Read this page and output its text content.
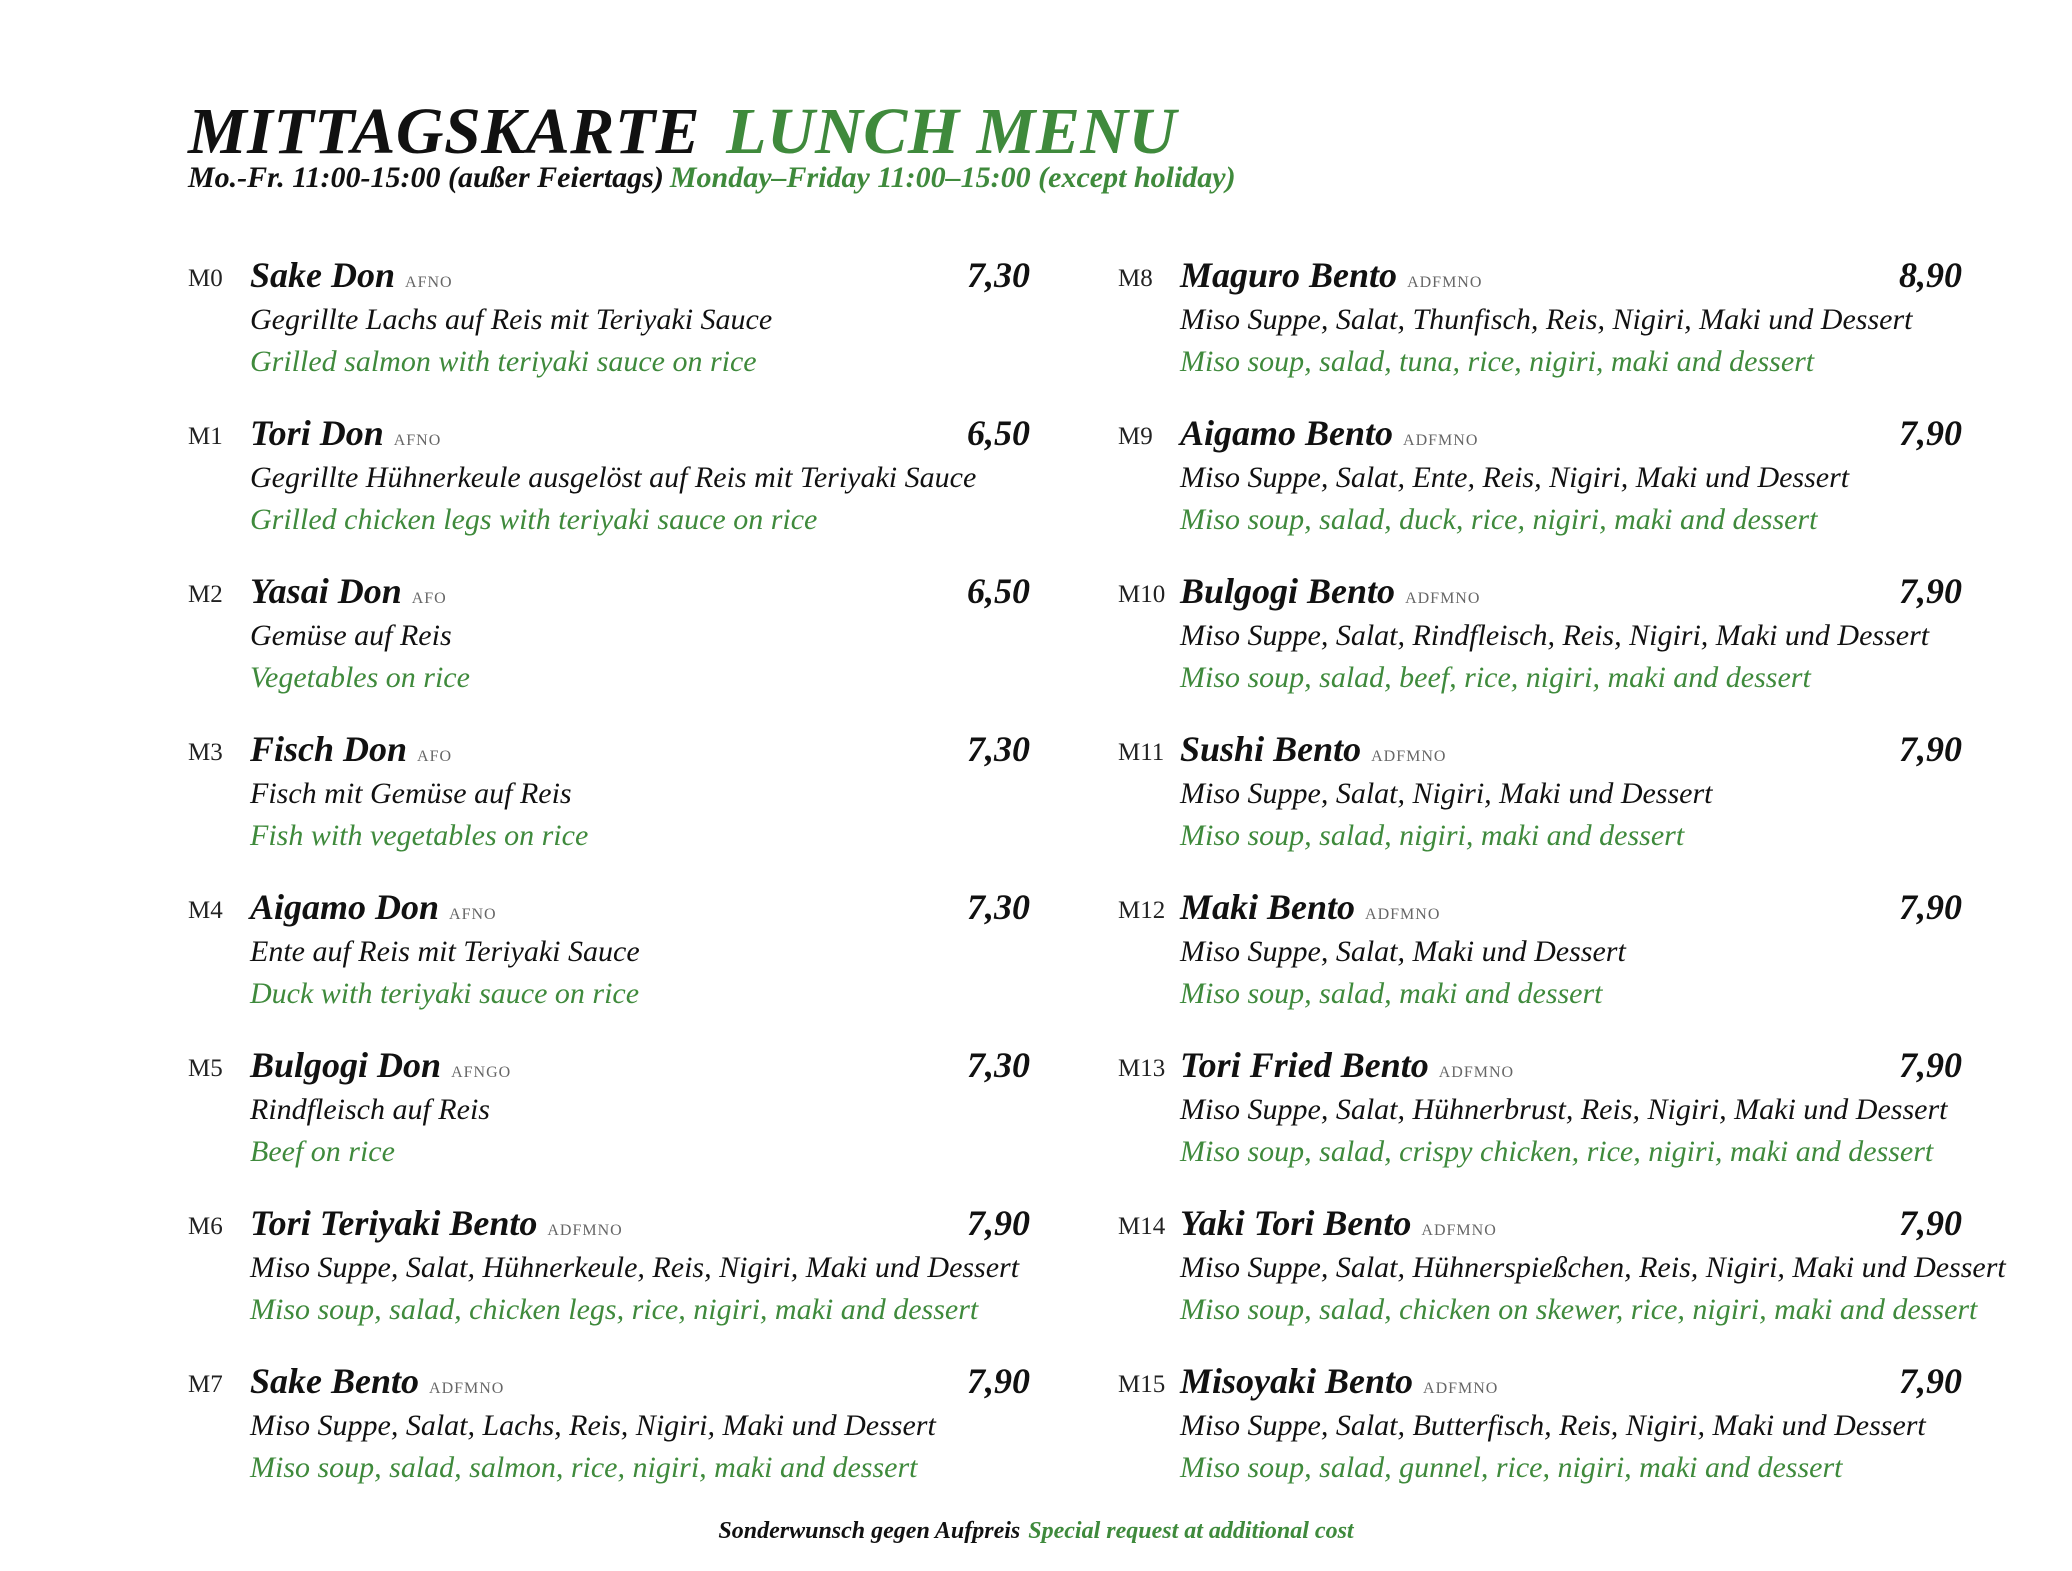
MITTAGSKARTE LUNCH MENU
Mo.-Fr. 11:00-15:00 (außer Feiertags) Monday–Friday 11:00–15:00 (except holiday)
M0 Sake Don AFNO	7,30
Gegrillte Lachs auf Reis mit Teriyaki Sauce
Grilled salmon with teriyaki sauce on rice
M1 Tori Don AFNO	6,50
Gegrillte Hühnerkeule ausgelöst auf Reis mit Teriyaki Sauce
Grilled chicken legs with teriyaki sauce on rice
M2 Yasai Don AFO	6,50
Gemüse auf Reis
Vegetables on rice
M3 Fisch Don AFO	7,30
Fisch mit Gemüse auf Reis
Fish with vegetables on rice
M4 Aigamo Don AFNO	7,30
Ente auf Reis mit Teriyaki Sauce
Duck with teriyaki sauce on rice
M5 Bulgogi Don AFNGO	7,30
Rindfleisch auf Reis
Beef on rice
M6 Tori Teriyaki Bento ADFMNO	7,90
Miso Suppe, Salat, Hühnerkeule, Reis, Nigiri, Maki und Dessert
Miso soup, salad, chicken legs, rice, nigiri, maki and dessert
M7 Sake Bento ADFMNO	7,90
Miso Suppe, Salat, Lachs, Reis, Nigiri, Maki und Dessert
Miso soup, salad, salmon, rice, nigiri, maki and dessert
M8 Maguro Bento ADFMNO	8,90
Miso Suppe, Salat, Thunfisch, Reis, Nigiri, Maki und Dessert
Miso soup, salad, tuna, rice, nigiri, maki and dessert
M9 Aigamo Bento ADFMNO	7,90
Miso Suppe, Salat, Ente, Reis, Nigiri, Maki und Dessert
Miso soup, salad, duck, rice, nigiri, maki and dessert
M10 Bulgogi Bento ADFMNO	7,90
Miso Suppe, Salat, Rindfleisch, Reis, Nigiri, Maki und Dessert
Miso soup, salad, beef, rice, nigiri, maki and dessert
M11 Sushi Bento ADFMNO	7,90
Miso Suppe, Salat, Nigiri, Maki und Dessert
Miso soup, salad, nigiri, maki and dessert
M12 Maki Bento ADFMNO	7,90
Miso Suppe, Salat, Maki und Dessert
Miso soup, salad, maki and dessert
M13 Tori Fried Bento ADFMNO	7,90
Miso Suppe, Salat, Hühnerbrust, Reis, Nigiri, Maki und Dessert
Miso soup, salad, crispy chicken, rice, nigiri, maki and dessert
M14 Yaki Tori Bento ADFMNO	7,90
Miso Suppe, Salat, Hühnerspießchen, Reis, Nigiri, Maki und Dessert
Miso soup, salad, chicken on skewer, rice, nigiri, maki and dessert
M15 Misoyaki Bento ADFMNO	7,90
Miso Suppe, Salat, Butterfisch, Reis, Nigiri, Maki und Dessert
Miso soup, salad, gunnel, rice, nigiri, maki and dessert
Sonderwunsch gegen Aufpreis Special request at additional cost
